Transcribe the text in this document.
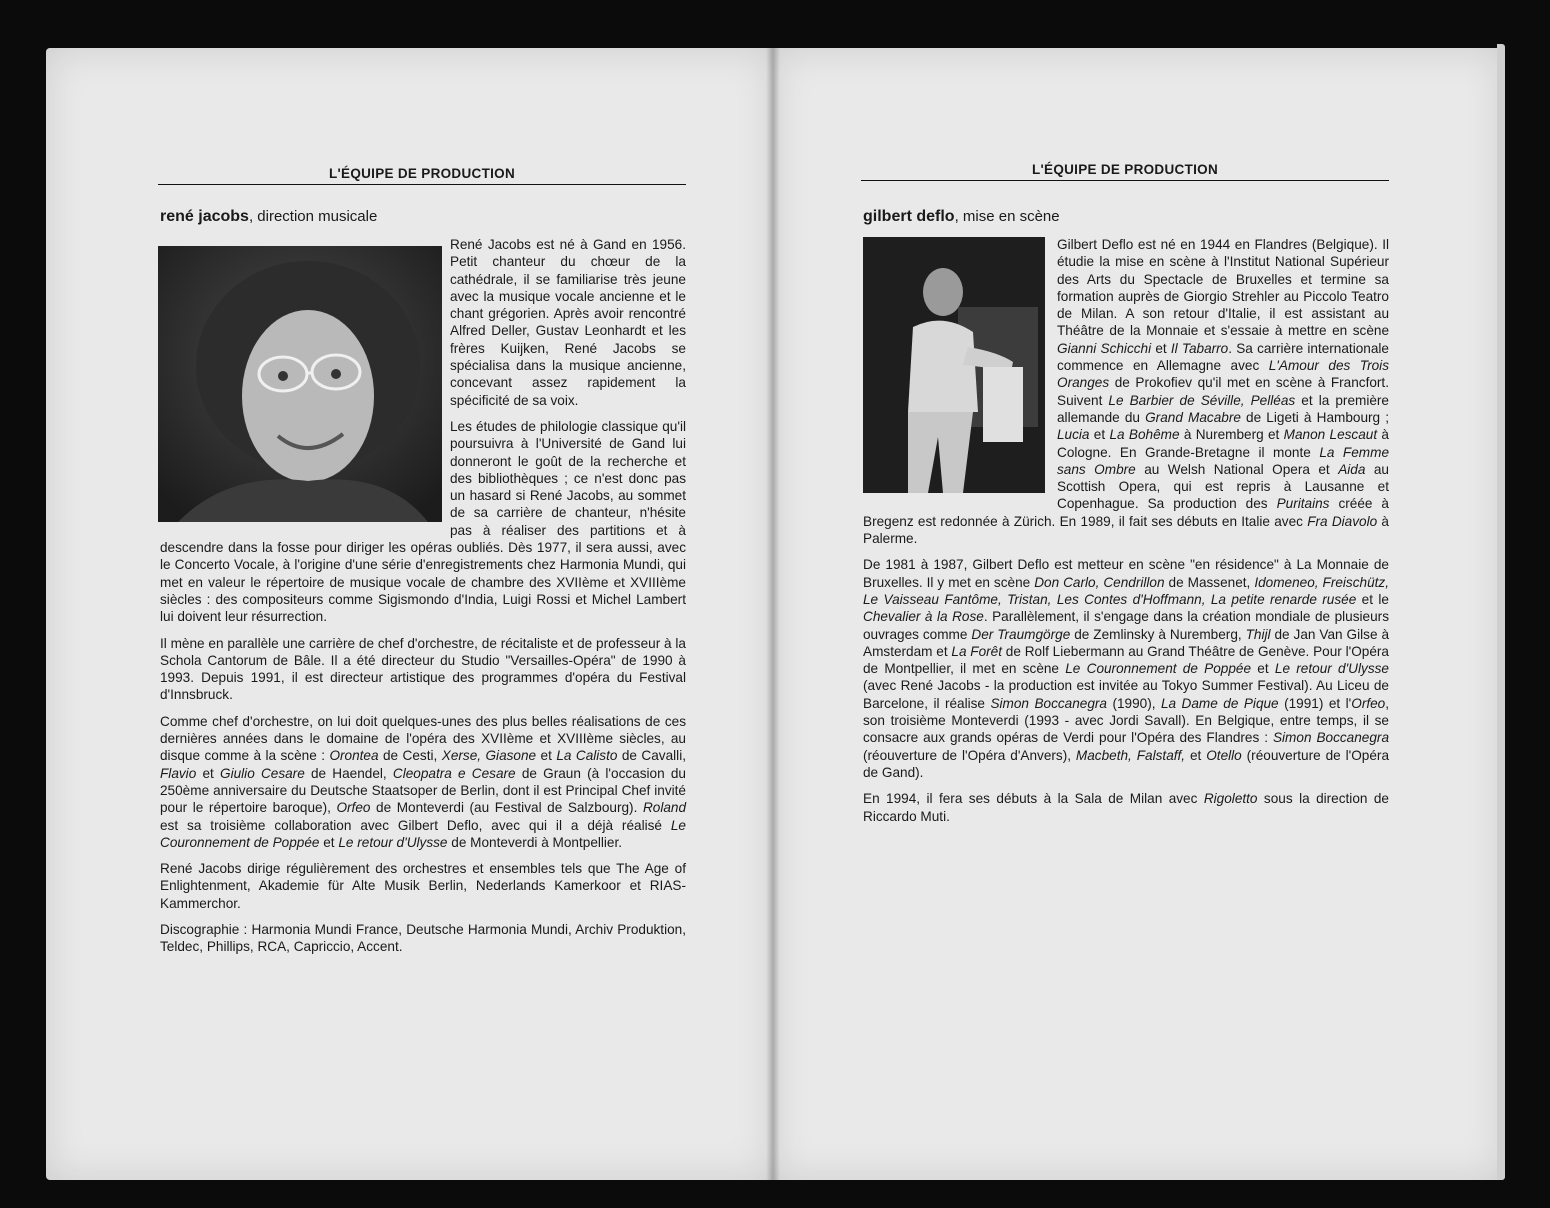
L'ÉQUIPE DE PRODUCTION
rené jacobs, direction musicale

René Jacobs est né à Gand en 1956. Petit chanteur du chœur de la cathédrale, il se familiarise très jeune avec la musique vocale ancienne et le chant grégorien. Après avoir rencontré Alfred Deller, Gustav Leonhardt et les frères Kuijken, René Jacobs se spécialisa dans la musique ancienne, concevant assez rapidement la spécificité de sa voix.

Les études de philologie classique qu'il poursuivra à l'Université de Gand lui donneront le goût de la recherche et des bibliothèques ; ce n'est donc pas un hasard si René Jacobs, au sommet de sa carrière de chanteur, n'hésite pas à réaliser des partitions et à descendre dans la fosse pour diriger les opéras oubliés. Dès 1977, il sera aussi, avec le Concerto Vocale, à l'origine d'une série d'enregistrements chez Harmonia Mundi, qui met en valeur le répertoire de musique vocale de chambre des XVIIème et XVIIIème siècles : des compositeurs comme Sigismondo d'India, Luigi Rossi et Michel Lambert lui doivent leur résurrection.

Il mène en parallèle une carrière de chef d'orchestre, de récitaliste et de professeur à la Schola Cantorum de Bâle. Il a été directeur du Studio "Versailles-Opéra" de 1990 à 1993. Depuis 1991, il est directeur artistique des programmes d'opéra du Festival d'Innsbruck.

Comme chef d'orchestre, on lui doit quelques-unes des plus belles réalisations de ces dernières années dans le domaine de l'opéra des XVIIème et XVIIIème siècles, au disque comme à la scène : Orontea de Cesti, Xerse, Giasone et La Calisto de Cavalli, Flavio et Giulio Cesare de Haendel, Cleopatra e Cesare de Graun (à l'occasion du 250ème anniversaire du Deutsche Staatsoper de Berlin, dont il est Principal Chef invité pour le répertoire baroque), Orfeo de Monteverdi (au Festival de Salzbourg). Roland est sa troisième collaboration avec Gilbert Deflo, avec qui il a déjà réalisé Le Couronnement de Poppée et Le retour d'Ulysse de Monteverdi à Montpellier.

René Jacobs dirige régulièrement des orchestres et ensembles tels que The Age of Enlightenment, Akademie für Alte Musik Berlin, Nederlands Kamerkoor et RIAS-Kammerchor.

Discographie : Harmonia Mundi France, Deutsche Harmonia Mundi, Archiv Produktion, Teldec, Phillips, RCA, Capriccio, Accent.

L'ÉQUIPE DE PRODUCTION
gilbert deflo, mise en scène

Gilbert Deflo est né en 1944 en Flandres (Belgique). Il étudie la mise en scène à l'Institut National Supérieur des Arts du Spectacle de Bruxelles et termine sa formation auprès de Giorgio Strehler au Piccolo Teatro de Milan. A son retour d'Italie, il est assistant au Théâtre de la Monnaie et s'essaie à mettre en scène Gianni Schicchi et Il Tabarro. Sa carrière internationale commence en Allemagne avec L'Amour des Trois Oranges de Prokofiev qu'il met en scène à Francfort. Suivent Le Barbier de Séville, Pelléas et la première allemande du Grand Macabre de Ligeti à Hambourg ; Lucia et La Bohême à Nuremberg et Manon Lescaut à Cologne. En Grande-Bretagne il monte La Femme sans Ombre au Welsh National Opera et Aida au Scottish Opera, qui est repris à Lausanne et Copenhague. Sa production des Puritains créée à Bregenz est redonnée à Zürich. En 1989, il fait ses débuts en Italie avec Fra Diavolo à Palerme.

De 1981 à 1987, Gilbert Deflo est metteur en scène "en résidence" à La Monnaie de Bruxelles. Il y met en scène Don Carlo, Cendrillon de Massenet, Idomeneo, Freischütz, Le Vaisseau Fantôme, Tristan, Les Contes d'Hoffmann, La petite renarde rusée et le Chevalier à la Rose. Parallèlement, il s'engage dans la création mondiale de plusieurs ouvrages comme Der Traumgörge de Zemlinsky à Nuremberg, Thijl de Jan Van Gilse à Amsterdam et La Forêt de Rolf Liebermann au Grand Théâtre de Genève. Pour l'Opéra de Montpellier, il met en scène Le Couronnement de Poppée et Le retour d'Ulysse (avec René Jacobs - la production est invitée au Tokyo Summer Festival). Au Liceu de Barcelone, il réalise Simon Boccanegra (1990), La Dame de Pique (1991) et l'Orfeo, son troisième Monteverdi (1993 - avec Jordi Savall). En Belgique, entre temps, il se consacre aux grands opéras de Verdi pour l'Opéra des Flandres : Simon Boccanegra (réouverture de l'Opéra d'Anvers), Macbeth, Falstaff, et Otello (réouverture de l'Opéra de Gand).

En 1994, il fera ses débuts à la Sala de Milan avec Rigoletto sous la direction de Riccardo Muti.
